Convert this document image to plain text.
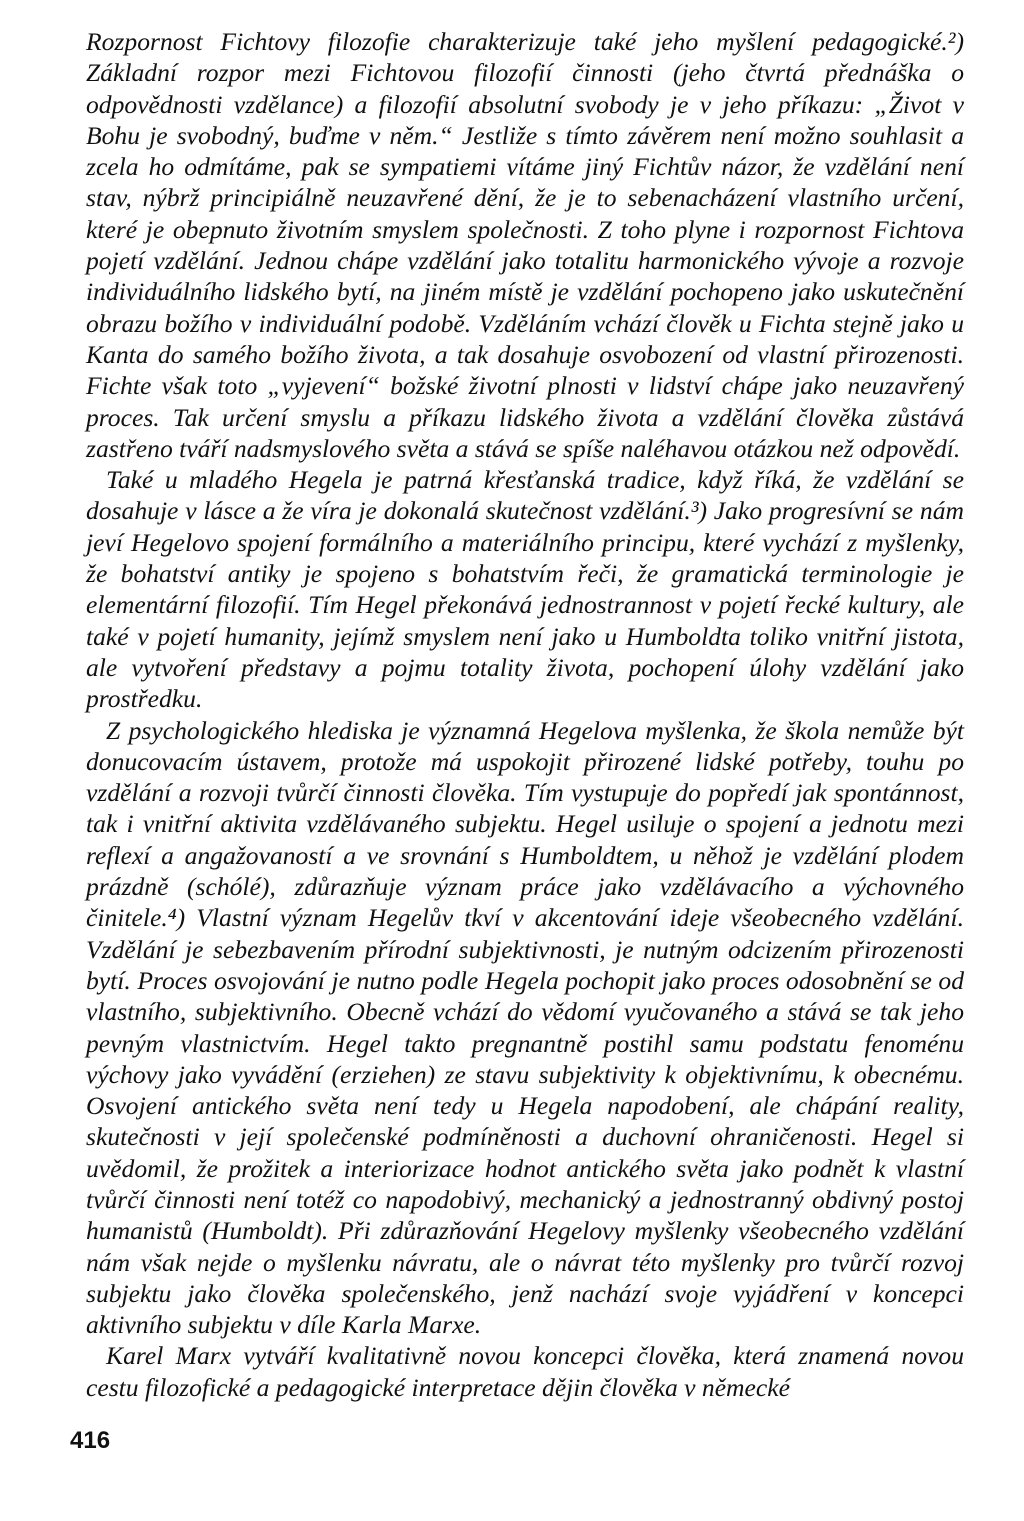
Rozpornost Fichtovy filozofie charakterizuje také jeho myšlení pedagogické.²) Základní rozpor mezi Fichtovou filozofií činnosti (jeho čtvrtá přednáška o odpovědnosti vzdělance) a filozofií absolutní svobody je v jeho příkazu: „Život v Bohu je svobodný, buďme v něm.“ Jestliže s tímto závěrem není možno souhlasit a zcela ho odmítáme, pak se sympatiemi vítáme jiný Fichtův názor, že vzdělání není stav, nýbrž principiálně neuzavřené dění, že je to sebenacházení vlastního určení, které je obepnuto životním smyslem společnosti. Z toho plyne i rozpornost Fichtova pojetí vzdělání. Jednou chápe vzdělání jako totalitu harmonického vývoje a rozvoje individuálního lidského bytí, na jiném místě je vzdělání pochopeno jako uskutečnění obrazu božího v individuální podobě. Vzděláním vchází člověk u Fichta stejně jako u Kanta do samého božího života, a tak dosahuje osvobození od vlastní přirozenosti. Fichte však toto „vyjevení“ božské životní plnosti v lidství chápe jako neuzavřený proces. Tak určení smyslu a příkazu lidského života a vzdělání člověka zůstává zastřeno tváří nadsmyslového světa a stává se spíše naléhavou otázkou než odpovědí.

Také u mladého Hegela je patrná křesťanská tradice, když říká, že vzdělání se dosahuje v lásce a že víra je dokonalá skutečnost vzdělání.³) Jako progresívní se nám jeví Hegelovo spojení formálního a materiálního principu, které vychází z myšlenky, že bohatství antiky je spojeno s bohatstvím řeči, že gramatická terminologie je elementární filozofií. Tím Hegel překonává jednostrannost v pojetí řecké kultury, ale také v pojetí humanity, jejímž smyslem není jako u Humboldta toliko vnitřní jistota, ale vytvoření představy a pojmu totality života, pochopení úlohy vzdělání jako prostředku.

Z psychologického hlediska je významná Hegelova myšlenka, že škola nemůže být donucovacím ústavem, protože má uspokojit přirozené lidské potřeby, touhu po vzdělání a rozvoji tvůrčí činnosti člověka. Tím vystupuje do popředí jak spontánnost, tak i vnitřní aktivita vzdělávaného subjektu. Hegel usiluje o spojení a jednotu mezi reflexí a angažovaností a ve srovnání s Humboldtem, u něhož je vzdělání plodem prázdně (schólé), zdůrazňuje význam práce jako vzdělávacího a výchovného činitele.⁴) Vlastní význam Hegelův tkví v akcentování ideje všeobecného vzdělání. Vzdělání je sebezbavením přírodní subjektivnosti, je nutným odcizením přirozenosti bytí. Proces osvojování je nutno podle Hegela pochopit jako proces odosobnění se od vlastního, subjektivního. Obecně vchází do vědomí vyučovaného a stává se tak jeho pevným vlastnictvím. Hegel takto pregnantně postihl samu podstatu fenoménu výchovy jako vyvádění (erziehen) ze stavu subjektivity k objektivnímu, k obecnému. Osvojení antického světa není tedy u Hegela napodobení, ale chápání reality, skutečnosti v její společenské podmíněnosti a duchovní ohraničenosti. Hegel si uvědomil, že prožitek a interiorizace hodnot antického světa jako podnět k vlastní tvůrčí činnosti není totéž co napodobivý, mechanický a jednostranný obdivný postoj humanistů (Humboldt). Při zdůrazňování Hegelovy myšlenky všeobecného vzdělání nám však nejde o myšlenku návratu, ale o návrat této myšlenky pro tvůrčí rozvoj subjektu jako člověka společenského, jenž nachází svoje vyjádření v koncepci aktivního subjektu v díle Karla Marxe.

Karel Marx vytváří kvalitativně novou koncepci člověka, která znamená novou cestu filozofické a pedagogické interpretace dějin člověka v německé

416
